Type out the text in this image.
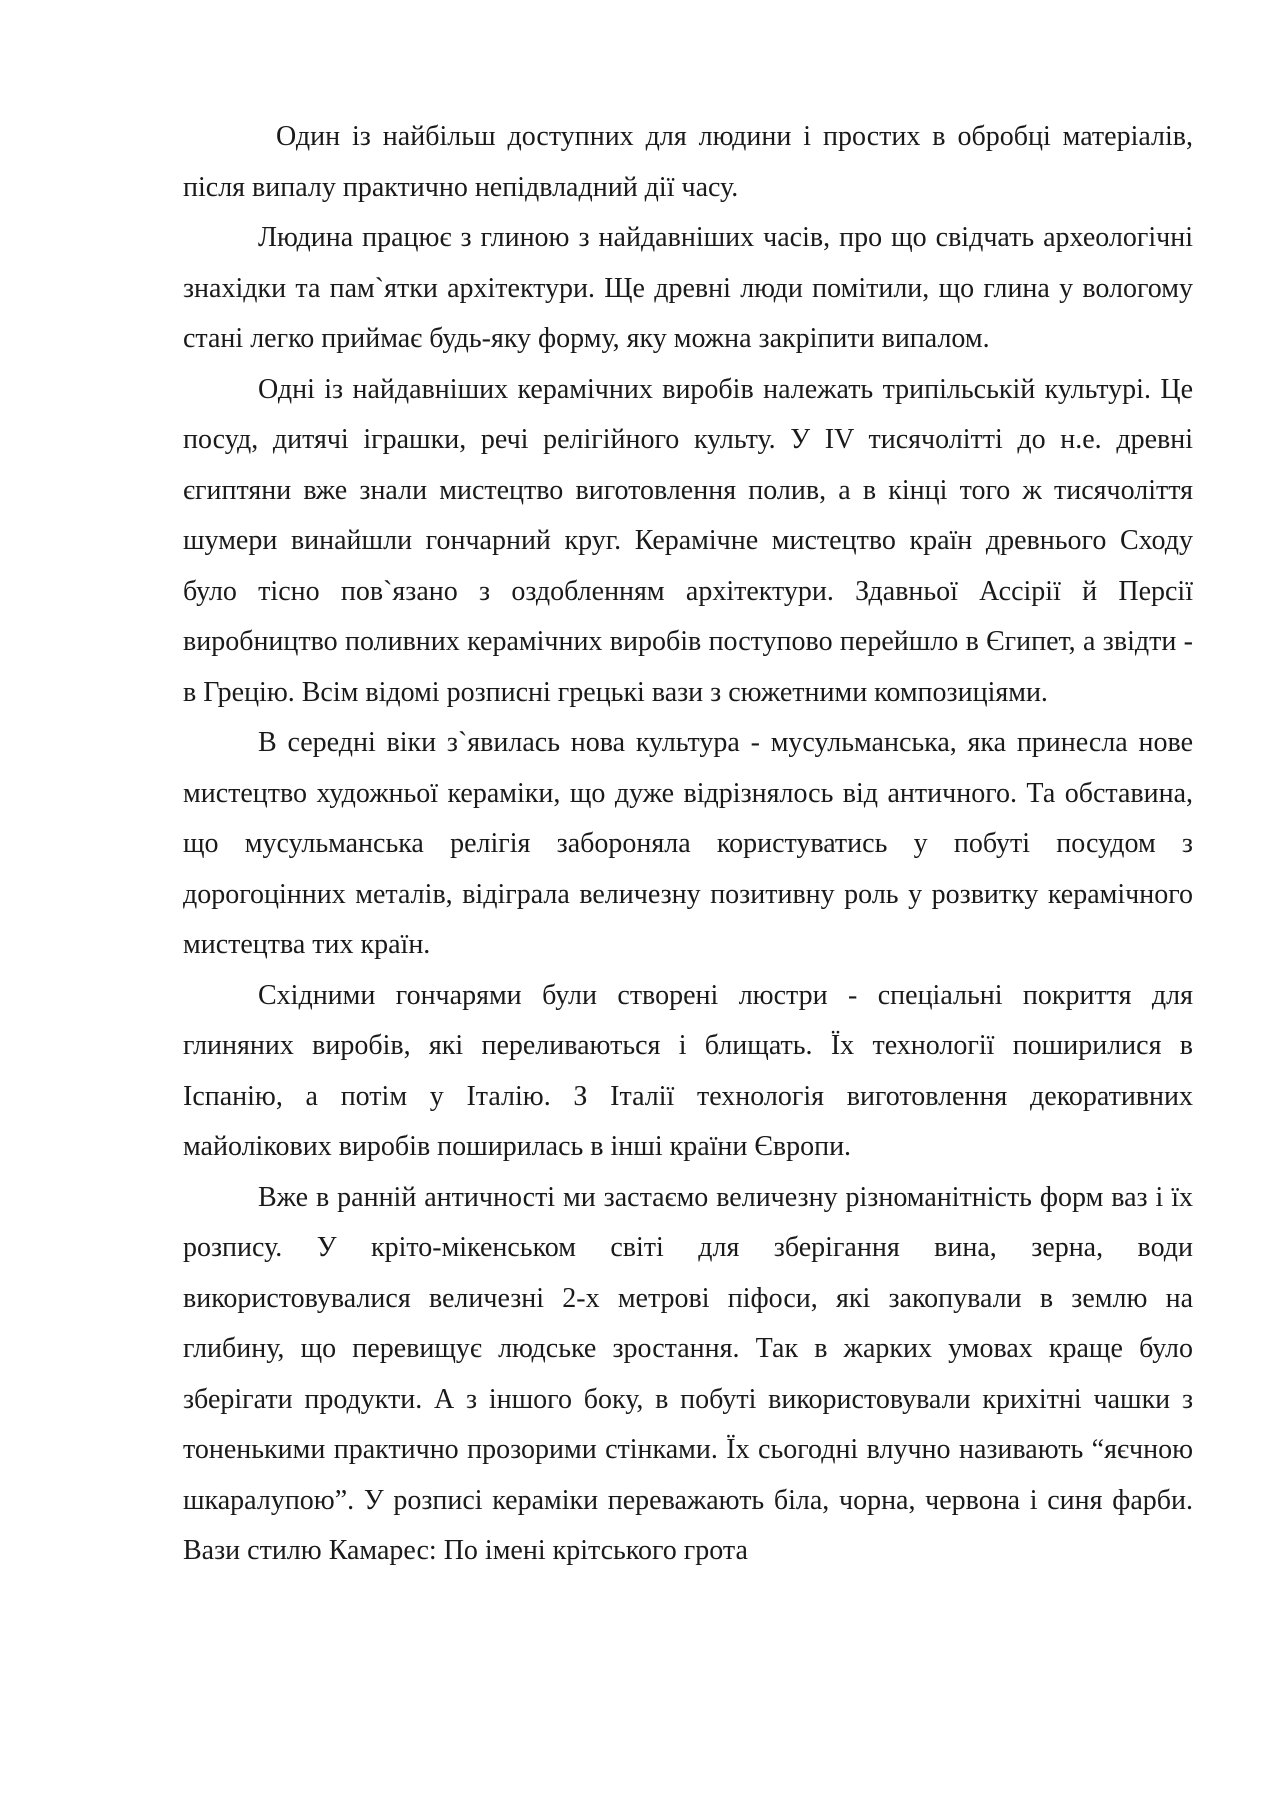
Один із найбільш доступних для людини і простих в обробці матеріалів, після випалу практично непідвладний дії часу.

Людина працює з глиною з найдавніших часів, про що свідчать археологічні знахідки та пам`ятки архітектури. Ще древні люди помітили, що глина у вологому стані легко приймає будь-яку форму, яку можна закріпити випалом.

Одні із найдавніших керамічних виробів належать трипільській культурі. Це посуд, дитячі іграшки, речі релігійного культу. У IV тисячолітті до н.е. древні єгиптяни вже знали мистецтво виготовлення полив, а в кінці того ж тисячоліття шумери винайшли гончарний круг. Керамічне мистецтво країн древнього Сходу було тісно пов`язано з оздобленням архітектури. Здавньої Ассірії й Персії виробництво поливних керамічних виробів поступово перейшло в Єгипет, а звідти - в Грецію. Всім відомі розписні грецькі вази з сюжетними композиціями.

В середні віки з`явилась нова культура - мусульманська, яка принесла нове мистецтво художньої кераміки, що дуже відрізнялось від античного. Та обставина, що мусульманська релігія забороняла користуватись у побуті посудом з дорогоцінних металів, відіграла величезну позитивну роль у розвитку керамічного мистецтва тих країн.

Східними гончарями були створені люстри - спеціальні покриття для глиняних виробів, які переливаються і блищать. Їх технології поширилися в Іспанію, а потім у Італію. З Італії технологія виготовлення декоративних майолікових виробів поширилась в інші країни Європи.

Вже в ранній античності ми застаємо величезну різноманітність форм ваз і їх розпису. У кріто-мікенськом світі для зберігання вина, зерна, води використовувалися величезні 2-х метрові піфоси, які закопували в землю на глибину, що перевищує людське зростання. Так в жарких умовах краще було зберігати продукти. А з іншого боку, в побуті використовували крихітні чашки з тоненькими практично прозорими стінками. Їх сьогодні влучно називають “яєчною шкаралупою”. У розписі кераміки переважають біла, чорна, червона і синя фарби. Вази стилю Камарес: По імені крітського грота
